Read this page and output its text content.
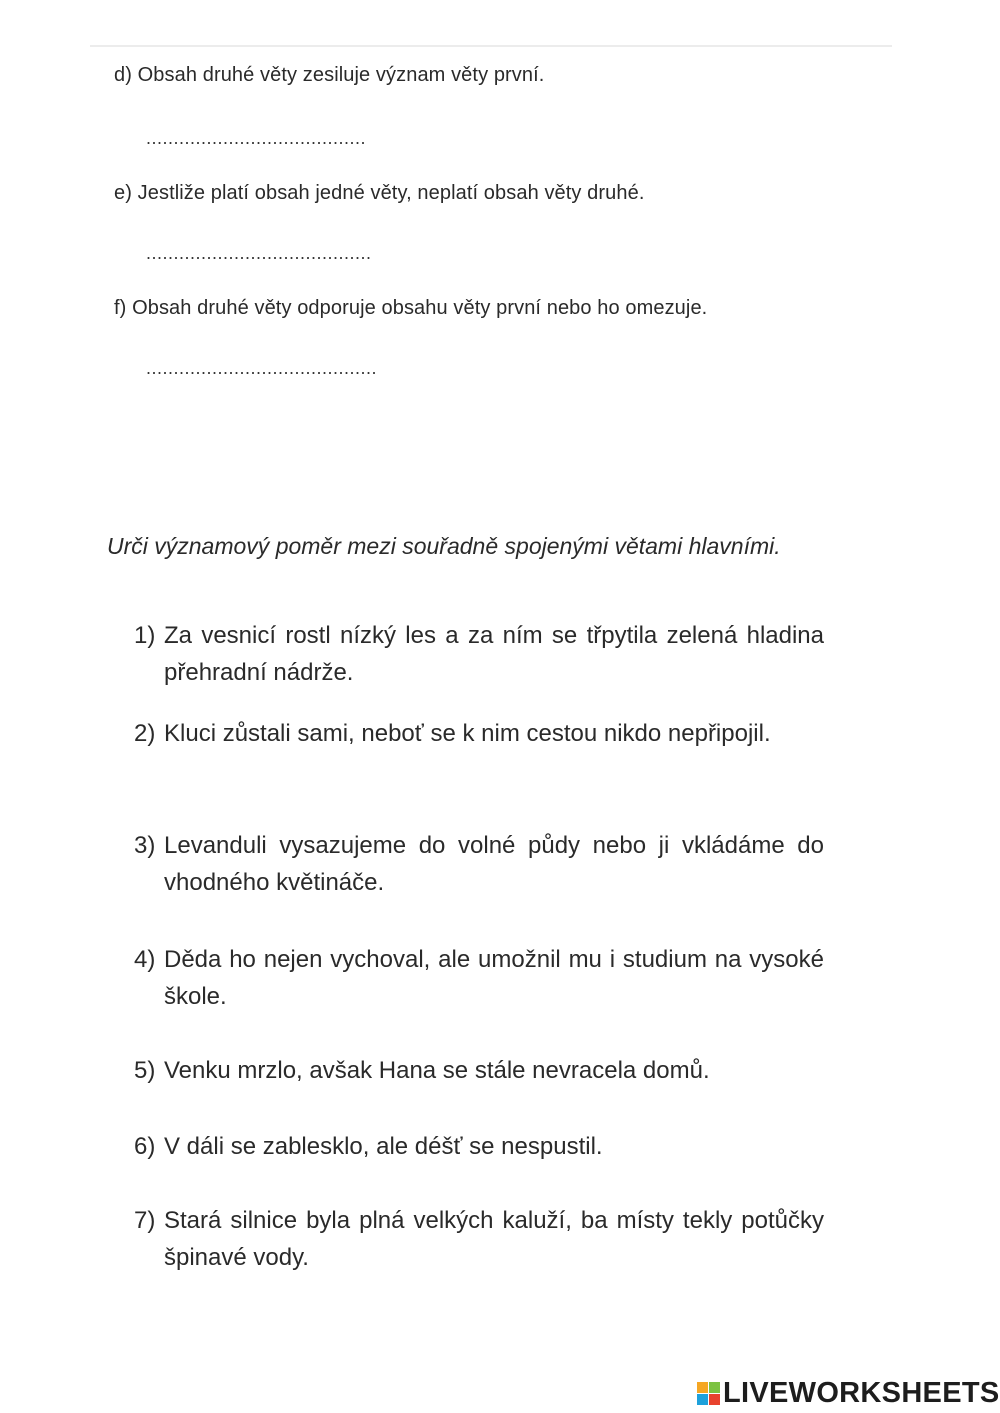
d) Obsah druhé věty zesiluje význam věty první.
........................................
e) Jestliže platí obsah jedné věty, neplatí obsah věty druhé.
.........................................
f) Obsah druhé věty odporuje obsahu věty první nebo ho omezuje.
..........................................
Urči významový poměr mezi souřadně spojenými větami hlavními.
1) Za vesnicí rostl nízký les a za ním se třpytila zelená hladina přehradní nádrže.
2) Kluci zůstali sami, neboť se k nim cestou nikdo nepřipojil.
3) Levanduli vysazujeme do volné půdy nebo ji vkládáme do vhodného květináče.
4) Děda ho nejen vychoval, ale umožnil mu i studium na vysoké škole.
5) Venku mrzlo, avšak Hana se stále nevracela domů.
6) V dáli se zablesklo, ale déšť se nespustil.
7) Stará silnice byla plná velkých kaluží, ba místy tekly potůčky špinavé vody.
LIVEWORKSHEETS
